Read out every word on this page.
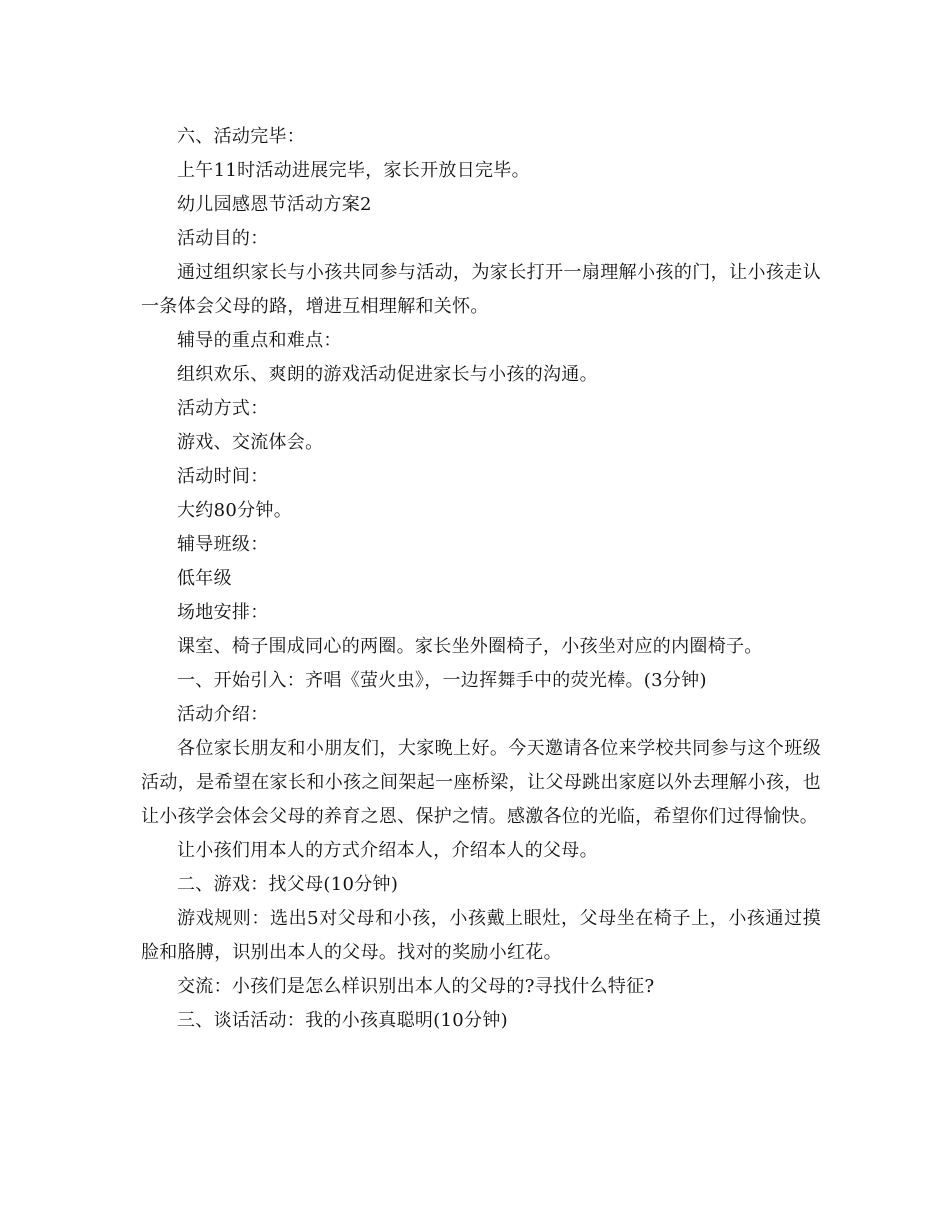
六、活动完毕：

上午11时活动进展完毕，家长开放日完毕。

幼儿园感恩节活动方案2

活动目的：

通过组织家长与小孩共同参与活动，为家长打开一扇理解小孩的门，让小孩走认一条体会父母的路，增进互相理解和关怀。

辅导的重点和难点：

组织欢乐、爽朗的游戏活动促进家长与小孩的沟通。

活动方式：

游戏、交流体会。

活动时间：

大约80分钟。

辅导班级：

低年级

场地安排：

课室、椅子围成同心的两圈。家长坐外圈椅子，小孩坐对应的内圈椅子。

一、开始引入：齐唱《萤火虫》，一边挥舞手中的荧光棒。(3分钟)

活动介绍：

各位家长朋友和小朋友们，大家晚上好。今天邀请各位来学校共同参与这个班级活动，是希望在家长和小孩之间架起一座桥梁，让父母跳出家庭以外去理解小孩，也让小孩学会体会父母的养育之恩、保护之情。感激各位的光临，希望你们过得愉快。

让小孩们用本人的方式介绍本人，介绍本人的父母。

二、游戏：找父母(10分钟)

游戏规则：选出5对父母和小孩，小孩戴上眼灶，父母坐在椅子上，小孩通过摸脸和胳膊，识别出本人的父母。找对的奖励小红花。

交流：小孩们是怎么样识别出本人的父母的?寻找什么特征?

三、谈话活动：我的小孩真聪明(10分钟)
